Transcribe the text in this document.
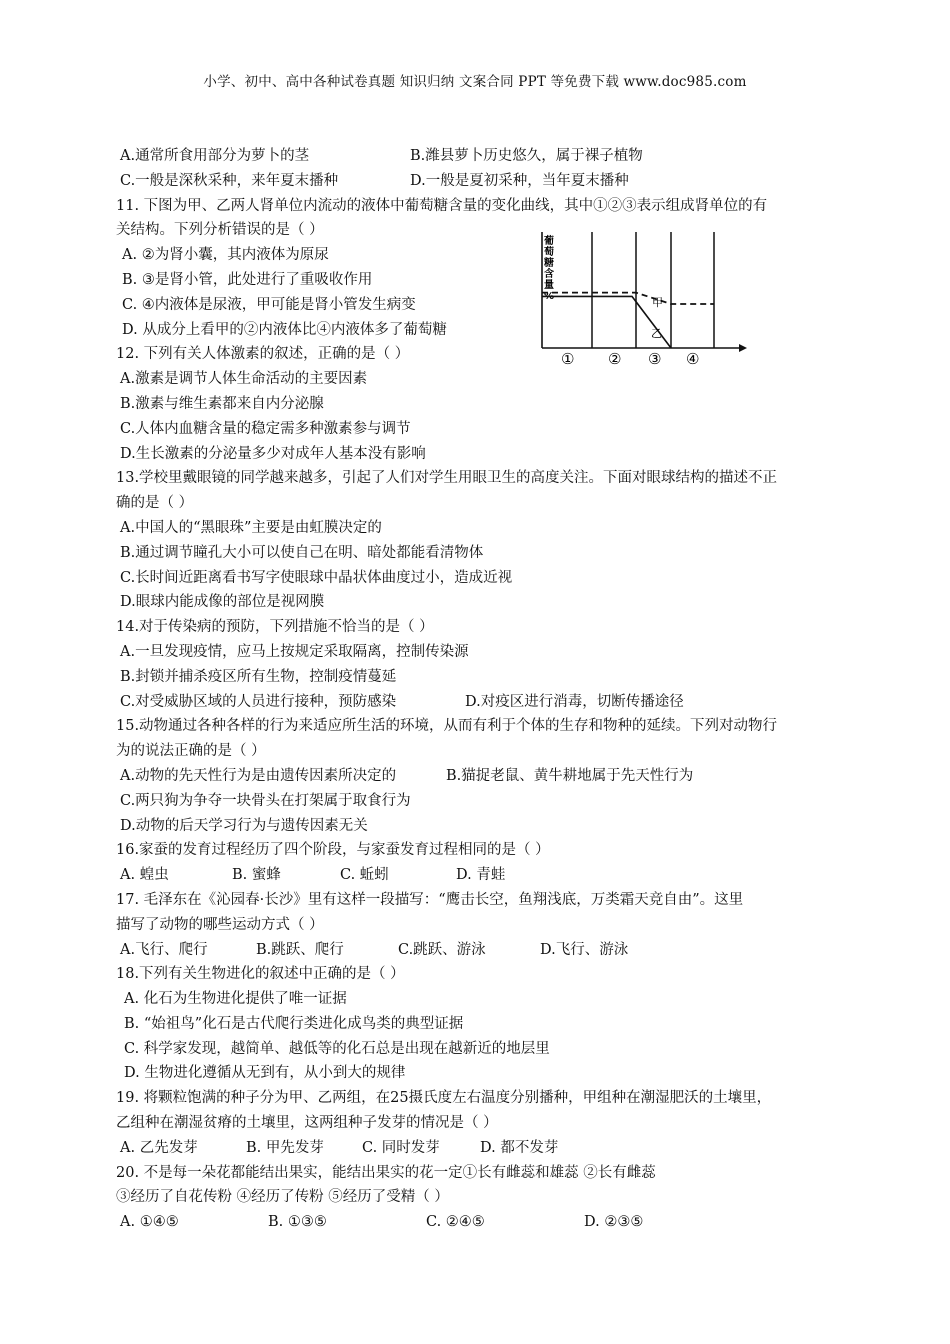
小学、初中、高中各种试卷真题 知识归纳 文案合同 PPT 等免费下载 www.doc985.com
A.通常所食用部分为萝卜的茎	B.潍县萝卜历史悠久，属于裸子植物
C.一般是深秋采种，来年夏末播种	D.一般是夏初采种，当年夏末播种
11. 下图为甲、乙两人肾单位内流动的液体中葡萄糖含量的变化曲线，其中①②③表示组成肾单位的有
关结构。下列分析错误的是（ ）
A. ②为肾小囊，其内液体为原尿
B. ③是肾小管，此处进行了重吸收作用
C. ④内液体是尿液，甲可能是肾小管发生病变
D. 从成分上看甲的②内液体比④内液体多了葡萄糖
12. 下列有关人体激素的叙述，正确的是（ ）
A.激素是调节人体生命活动的主要因素
B.激素与维生素都来自内分泌腺
C.人体内血糖含量的稳定需多种激素参与调节
D.生长激素的分泌量多少对成年人基本没有影响
13.学校里戴眼镜的同学越来越多，引起了人们对学生用眼卫生的高度关注。下面对眼球结构的描述不正
确的是（ ）
A.中国人的“黑眼珠”主要是由虹膜决定的
B.通过调节瞳孔大小可以使自己在明、暗处都能看清物体
C.长时间近距离看书写字使眼球中晶状体曲度过小，造成近视
D.眼球内能成像的部位是视网膜
14.对于传染病的预防，下列措施不恰当的是（ ）
A.一旦发现疫情，应马上按规定采取隔离，控制传染源
B.封锁并捕杀疫区所有生物，控制疫情蔓延
C.对受威胁区域的人员进行接种，预防感染	D.对疫区进行消毒，切断传播途径
15.动物通过各种各样的行为来适应所生活的环境，从而有利于个体的生存和物种的延续。下列对动物行
为的说法正确的是（ ）
A.动物的先天性行为是由遗传因素所决定的	B.猫捉老鼠、黄牛耕地属于先天性行为
C.两只狗为争夺一块骨头在打架属于取食行为
D.动物的后天学习行为与遗传因素无关
16.家蚕的发育过程经历了四个阶段，与家蚕发育过程相同的是（ ）
A. 蝗虫	B. 蜜蜂	C. 蚯蚓	D. 青蛙
17. 毛泽东在《沁园春·长沙》里有这样一段描写：“鹰击长空，鱼翔浅底，万类霜天竞自由”。这里
描写了动物的哪些运动方式（ ）
A.飞行、爬行	B.跳跃、爬行	C.跳跃、游泳	D.飞行、游泳
18.下列有关生物进化的叙述中正确的是（ ）
A. 化石为生物进化提供了唯一证据
B. “始祖鸟”化石是古代爬行类进化成鸟类的典型证据
C. 科学家发现，越简单、越低等的化石总是出现在越新近的地层里
D. 生物进化遵循从无到有，从小到大的规律
19. 将颗粒饱满的种子分为甲、乙两组，在25摄氏度左右温度分别播种，甲组种在潮湿肥沃的土壤里，
乙组种在潮湿贫瘠的土壤里，这两组种子发芽的情况是（ ）
A. 乙先发芽	B. 甲先发芽	C. 同时发芽	D. 都不发芽
20. 不是每一朵花都能结出果实，能结出果实的花一定①长有雌蕊和雄蕊 ②长有雌蕊
③经历了自花传粉 ④经历了传粉 ⑤经历了受精（ ）
A. ①④⑤	B. ①③⑤	C. ②④⑤	D. ②③⑤
葡
萄
糖
含
量
%	甲
乙
① ② ③ ④
